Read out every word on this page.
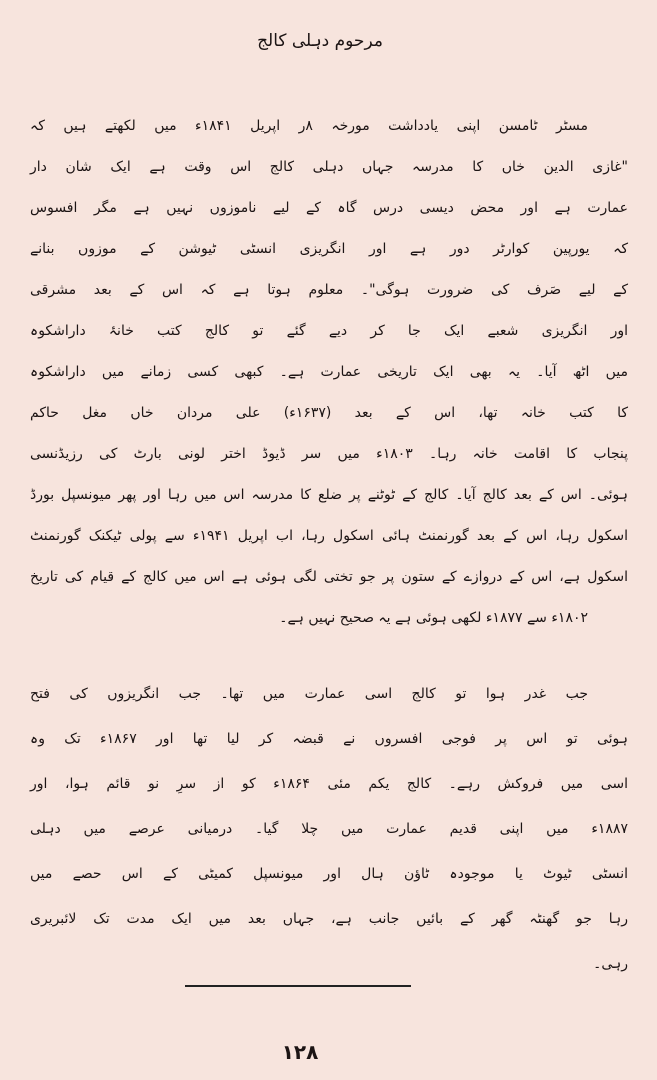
مرحوم دہلی کالج
مسٹر ٹامسن اپنی یادداشت مورخہ ۸ر اپریل ۱۸۴۱ء میں لکھتے ہیں کہ
"غازی الدین خاں کا مدرسہ جہاں دہلی کالج اس وقت ہے ایک شان دار
عمارت ہے اور محض دیسی درس گاہ کے لیے ناموزوں نہیں ہے مگر افسوس
کہ یورپین کوارٹر دور ہے اور انگریزی انسٹی ٹیوشن کے موزوں بنانے
کے لیے صَرف کی ضرورت ہوگی"۔ معلوم ہوتا ہے کہ اس کے بعد مشرقی
اور انگریزی شعبے ایک جا کر دیے گئے تو کالج کتب خانۂ داراشکوہ
میں اٹھ آیا۔ یہ بھی ایک تاریخی عمارت ہے۔ کبھی کسی زمانے میں داراشکوہ
کا کتب خانہ تھا، اس کے بعد (۱۶۳۷ء) علی مردان خاں مغل حاکم
پنجاب کا اقامت خانہ رہا۔ ۱۸۰۳ء میں سر ڈیوڈ اختر لونی بارٹ کی رزیڈنسی
ہوئی۔ اس کے بعد کالج آیا۔ کالج کے ٹوٹنے پر ضلع کا مدرسہ اس میں رہا اور پھر میونسپل بورڈ
اسکول رہا، اس کے بعد گورنمنٹ ہائی اسکول رہا، اب اپریل ۱۹۴۱ء سے پولی ٹیکنک گورنمنٹ
اسکول ہے، اس کے دروازے کے ستون پر جو تختی لگی ہوئی ہے اس میں کالج کے قیام کی تاریخ
۱۸۰۲ء سے ۱۸۷۷ء لکھی ہوئی ہے یہ صحیح نہیں ہے۔
جب غدر ہوا تو کالج اسی عمارت میں تھا۔ جب انگریزوں کی فتح
ہوئی تو اس پر فوجی افسروں نے قبضہ کر لیا تھا اور ۱۸۶۷ء تک وہ
اسی میں فروکش رہے۔ کالج یکم مئی ۱۸۶۴ء کو از سرِ نو قائم ہوا، اور
۱۸۸۷ء میں اپنی قدیم عمارت میں چلا گیا۔ درمیانی عرصے میں دہلی
انسٹی ٹیوٹ یا موجودہ ٹاؤن ہال اور میونسپل کمیٹی کے اس حصے میں
رہا جو گھنٹہ گھر کے بائیں جانب ہے، جہاں بعد میں ایک مدت تک لائبریری
رہی۔
۱۲۸
